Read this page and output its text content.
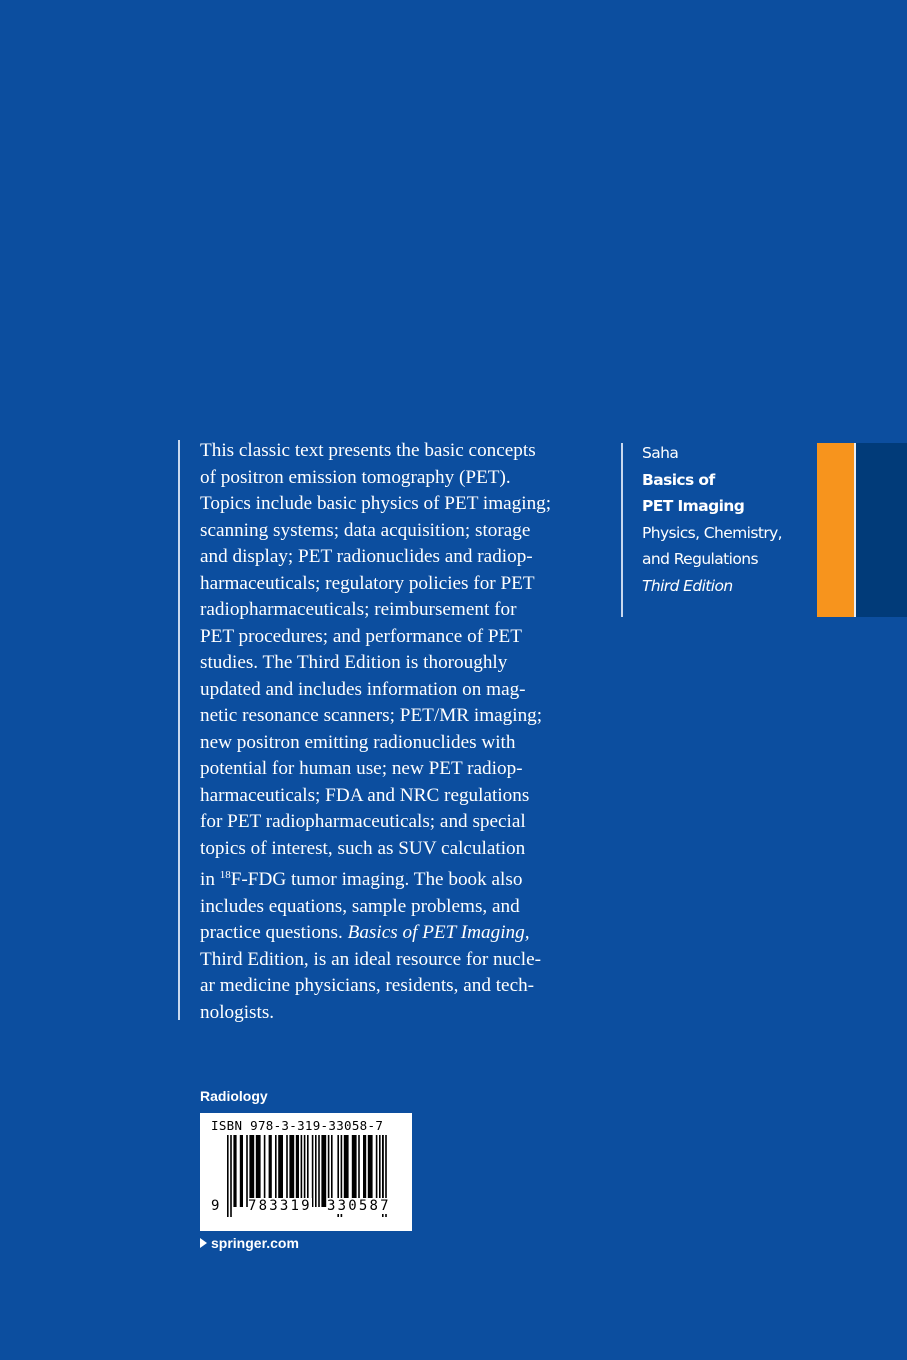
This classic text presents the basic concepts
of positron emission tomography (PET).
Topics include basic physics of PET imaging;
scanning systems; data acquisition; storage
and display; PET radionuclides and radiop-
harmaceuticals; regulatory policies for PET
radiopharmaceuticals; reimbursement for
PET procedures; and performance of PET
studies. The Third Edition is thoroughly
updated and includes information on mag-
netic resonance scanners; PET/MR imaging;
new positron emitting radionuclides with
potential for human use; new PET radiop-
harmaceuticals; FDA and NRC regulations
for PET radiopharmaceuticals; and special
topics of interest, such as SUV calculation
in $^{18}$F-FDG tumor imaging. The book also
includes equations, sample problems, and
practice questions. Basics of PET Imaging,
Third Edition, is an ideal resource for nucle-
ar medicine physicians, residents, and tech-
nologists.
Saha
Basics of
PET Imaging
Physics, Chemistry,
and Regulations
Third Edition
Radiology
ISBN 978-3-319-33058-7
9 783319 330587
springer.com
